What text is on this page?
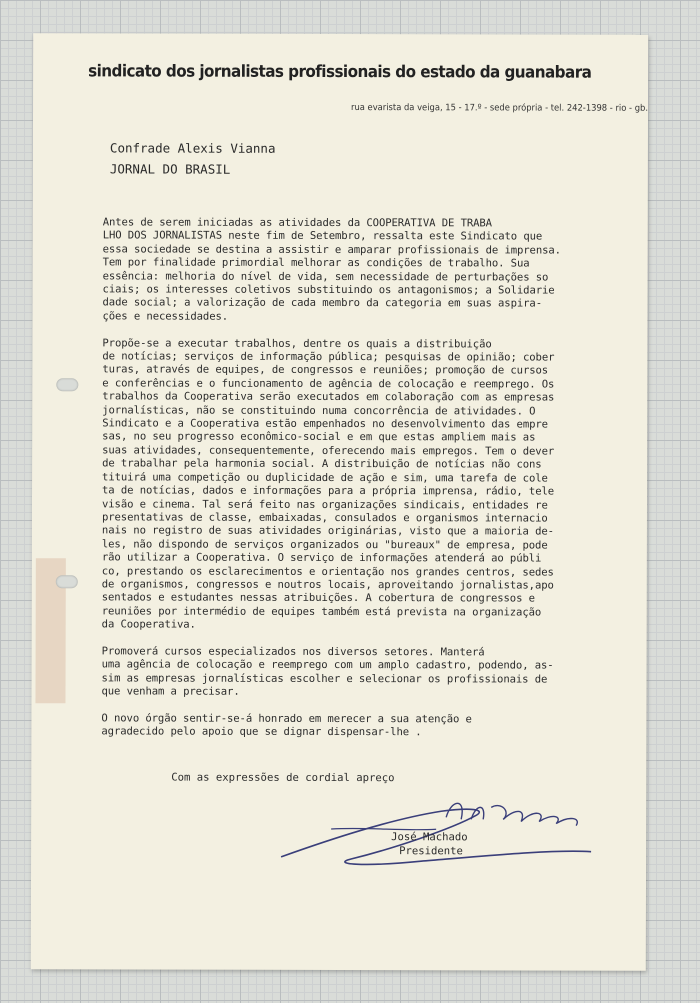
sindicato dos jornalistas profissionais do estado da guanabara
rua evarista da veiga, 15 - 17.º - sede própria - tel. 242-1398 - rio - gb.
Confrade Alexis Vianna
JORNAL DO BRASIL

Antes de serem iniciadas as atividades da COOPERATIVA DE TRABA
LHO DOS JORNALISTAS neste fim de Setembro, ressalta este Sindicato que
essa sociedade se destina a assistir e amparar profissionais de imprensa.
Tem por finalidade primordial melhorar as condições de trabalho. Sua
essência: melhoria do nível de vida, sem necessidade de perturbações so
ciais; os interesses coletivos substituindo os antagonismos; a Solidarie
dade social; a valorização de cada membro da categoria em suas aspira-
ções e necessidades.

Propõe-se a executar trabalhos, dentre os quais a distribuição
de notícias; serviços de informação pública; pesquisas de opinião; cober
turas, através de equipes, de congressos e reuniões; promoção de cursos
e conferências e o funcionamento de agência de colocação e reemprego. Os
trabalhos da Cooperativa serão executados em colaboração com as empresas
jornalísticas, não se constituindo numa concorrência de atividades. O
Sindicato e a Cooperativa estão empenhados no desenvolvimento das empre
sas, no seu progresso econômico-social e em que estas ampliem mais as
suas atividades, consequentemente, oferecendo mais empregos. Tem o dever
de trabalhar pela harmonia social. A distribuição de notícias não cons
tituirá uma competição ou duplicidade de ação e sim, uma tarefa de cole
ta de notícias, dados e informações para a própria imprensa, rádio, tele
visão e cinema. Tal será feito nas organizações sindicais, entidades re
presentativas de classe, embaixadas, consulados e organismos internacio
nais no registro de suas atividades originárias, visto que a maioria de-
les, não dispondo de serviços organizados ou "bureaux" de empresa, pode
rão utilizar a Cooperativa. O serviço de informações atenderá ao públi
co, prestando os esclarecimentos e orientação nos grandes centros, sedes
de organismos, congressos e noutros locais, aproveitando jornalistas,apo
sentados e estudantes nessas atribuições. A cobertura de congressos e
reuniões por intermédio de equipes também está prevista na organização
da Cooperativa.

Promoverá cursos especializados nos diversos setores. Manterá
uma agência de colocação e reemprego com um amplo cadastro, podendo, as-
sim as empresas jornalísticas escolher e selecionar os profissionais de
que venham a precisar.

O novo órgão sentir-se-á honrado em merecer a sua atenção e
agradecido pelo apoio que se dignar dispensar-lhe .

Com as expressões de cordial apreço
José Machado
Presidente
